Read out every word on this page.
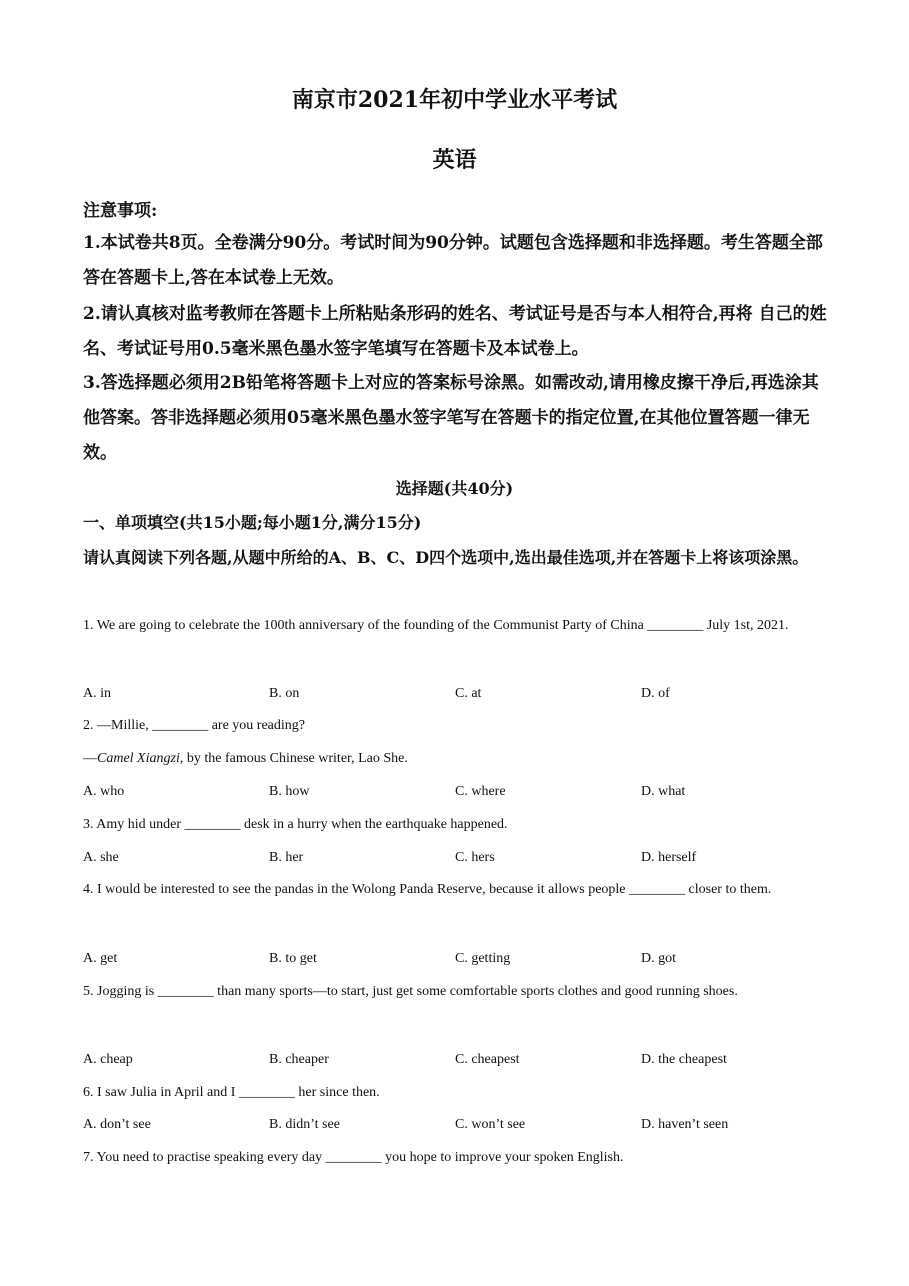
南京市2021年初中学业水平考试
英语
注意事项:
1.本试卷共8页。全卷满分90分。考试时间为90分钟。试题包含选择题和非选择题。考生答题全部答在答题卡上,答在本试卷上无效。
2.请认真核对监考教师在答题卡上所粘贴条形码的姓名、考试证号是否与本人相符合,再将 自己的姓名、考试证号用0.5毫米黑色墨水签字笔填写在答题卡及本试卷上。
3.答选择题必须用2B铅笔将答题卡上对应的答案标号涂黑。如需改动,请用橡皮擦干净后,再选涂其他答案。答非选择题必须用05毫米黑色墨水签字笔写在答题卡的指定位置,在其他位置答题一律无效。
选择题(共40分)
一、单项填空(共15小题;每小题1分,满分15分)
请认真阅读下列各题,从题中所给的A、B、C、D四个选项中,选出最佳选项,并在答题卡上将该项涂黑。
1. We are going to celebrate the 100th anniversary of the founding of the Communist Party of China ________ July 1st, 2021.
A. in	B. on	C. at	D. of
2. —Millie, ________ are you reading?
—Camel Xiangzi, by the famous Chinese writer, Lao She.
A. who	B. how	C. where	D. what
3. Amy hid under ________ desk in a hurry when the earthquake happened.
A. she	B. her	C. hers	D. herself
4. I would be interested to see the pandas in the Wolong Panda Reserve, because it allows people ________ closer to them.
A. get	B. to get	C. getting	D. got
5. Jogging is ________ than many sports—to start, just get some comfortable sports clothes and good running shoes.
A. cheap	B. cheaper	C. cheapest	D. the cheapest
6. I saw Julia in April and I ________ her since then.
A. don’t see	B. didn’t see	C. won’t see	D. haven’t seen
7. You need to practise speaking every day ________ you hope to improve your spoken English.
